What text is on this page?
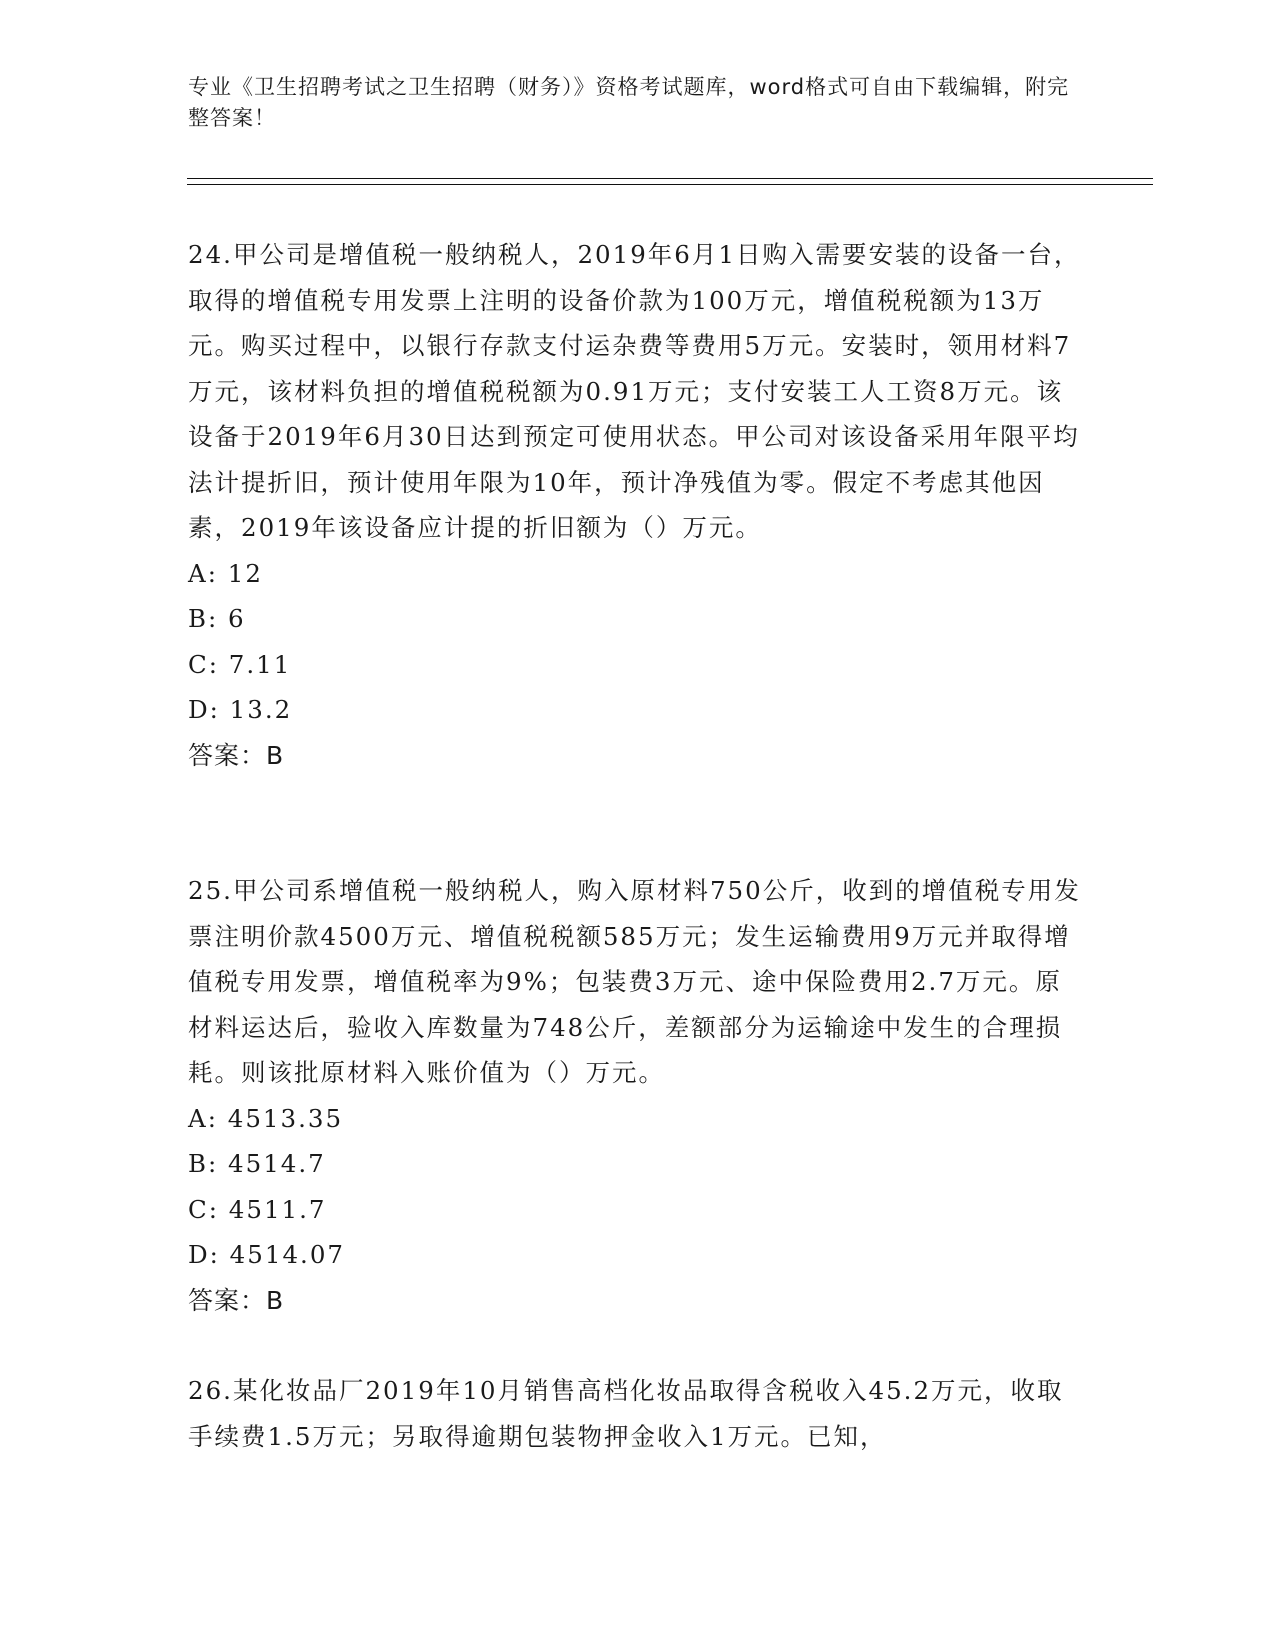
专业《卫生招聘考试之卫生招聘（财务）》资格考试题库，word格式可自由下载编辑，附完整答案！

24.甲公司是增值税一般纳税人，2019年6月1日购入需要安装的设备一台，取得的增值税专用发票上注明的设备价款为100万元，增值税税额为13万元。购买过程中，以银行存款支付运杂费等费用5万元。安装时，领用材料7万元，该材料负担的增值税税额为0.91万元；支付安装工人工资8万元。该设备于2019年6月30日达到预定可使用状态。甲公司对该设备采用年限平均法计提折旧，预计使用年限为10年，预计净残值为零。假定不考虑其他因素，2019年该设备应计提的折旧额为（）万元。

A: 12

B: 6

C: 7.11

D: 13.2

答案：B

25.甲公司系增值税一般纳税人，购入原材料750公斤，收到的增值税专用发票注明价款4500万元、增值税税额585万元；发生运输费用9万元并取得增值税专用发票，增值税率为9%；包装费3万元、途中保险费用2.7万元。原材料运达后，验收入库数量为748公斤，差额部分为运输途中发生的合理损耗。则该批原材料入账价值为（）万元。

A: 4513.35

B: 4514.7

C: 4511.7

D: 4514.07

答案：B

26.某化妆品厂2019年10月销售高档化妆品取得含税收入45.2万元，收取手续费1.5万元；另取得逾期包装物押金收入1万元。已知，
